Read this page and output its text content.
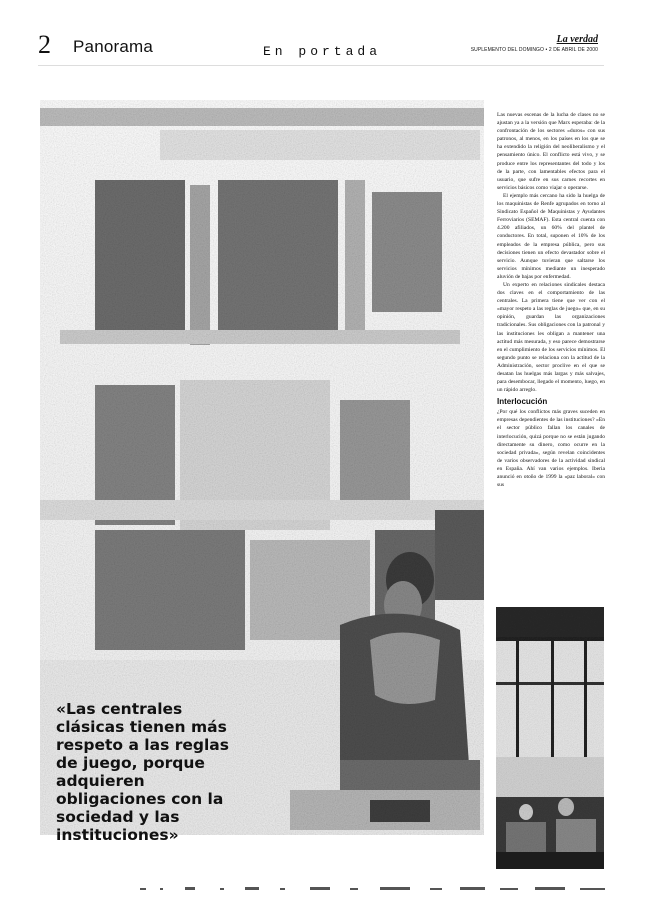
2 Panorama	En portada
La verdad
SUPLEMENTO DEL DOMINGO • 2 DE ABRIL DE 2000
«Las centrales clásicas tienen más respeto a las reglas de juego, porque adquieren obligaciones con la sociedad y las instituciones»

Las nuevas escenas de la lucha de clases no se ajustan ya a la versión que Marx esperaba: de la confrontación de los sectores «duros» con sus patronos, al menos, en los países en los que se ha extendido la religión del neoliberalismo y el pensamiento único. El conflicto está vivo, y se produce entre los representantes del todo y los de la parte, con lamentables efectos para el usuario, que sufre en sus carnes recortes en servicios básicos como viajar o operarse.

El ejemplo más cercano ha sido la huelga de los maquinistas de Renfe agrupados en torno al Sindicato Español de Maquinistas y Ayudantes Ferroviarios (SEMAF). Esta central cuenta con 4.200 afiliados, un 60% del plantel de conductores. En total, suponen el 10% de los empleados de la empresa pública, pero sus decisiones tienen un efecto devastador sobre el servicio. Aunque tuvieran que saltarse los servicios mínimos mediante un inesperado aluvión de bajas por enfermedad.

Un experto en relaciones sindicales destaca dos claves en el comportamiento de las centrales. La primera tiene que ver con el «mayor respeto a las reglas de juego» que, en su opinión, guardan las organizaciones tradicionales. Sus obligaciones con la patronal y las instituciones les obligan a mantener una actitud más mesurada, y eso parece demostrarse en el cumplimiento de los servicios mínimos. El segundo punto se relaciona con la actitud de la Administración, sector proclive en el que se desatan las huelgas más largas y más salvajes, para desembocar, llegado el momento, luego, en un rápido arreglo.

Interlocución

¿Por qué los conflictos más graves suceden en empresas dependientes de las instituciones? «En el sector público fallan los canales de interlocución, quizá porque no se están jugando directamente su dinero, como ocurre en la sociedad privada», según revelan coincidentes de varios observadores de la actividad sindical en España. Ahí van varios ejemplos. Iberia anunció en otoño de 1999 la «paz laboral» con sus
